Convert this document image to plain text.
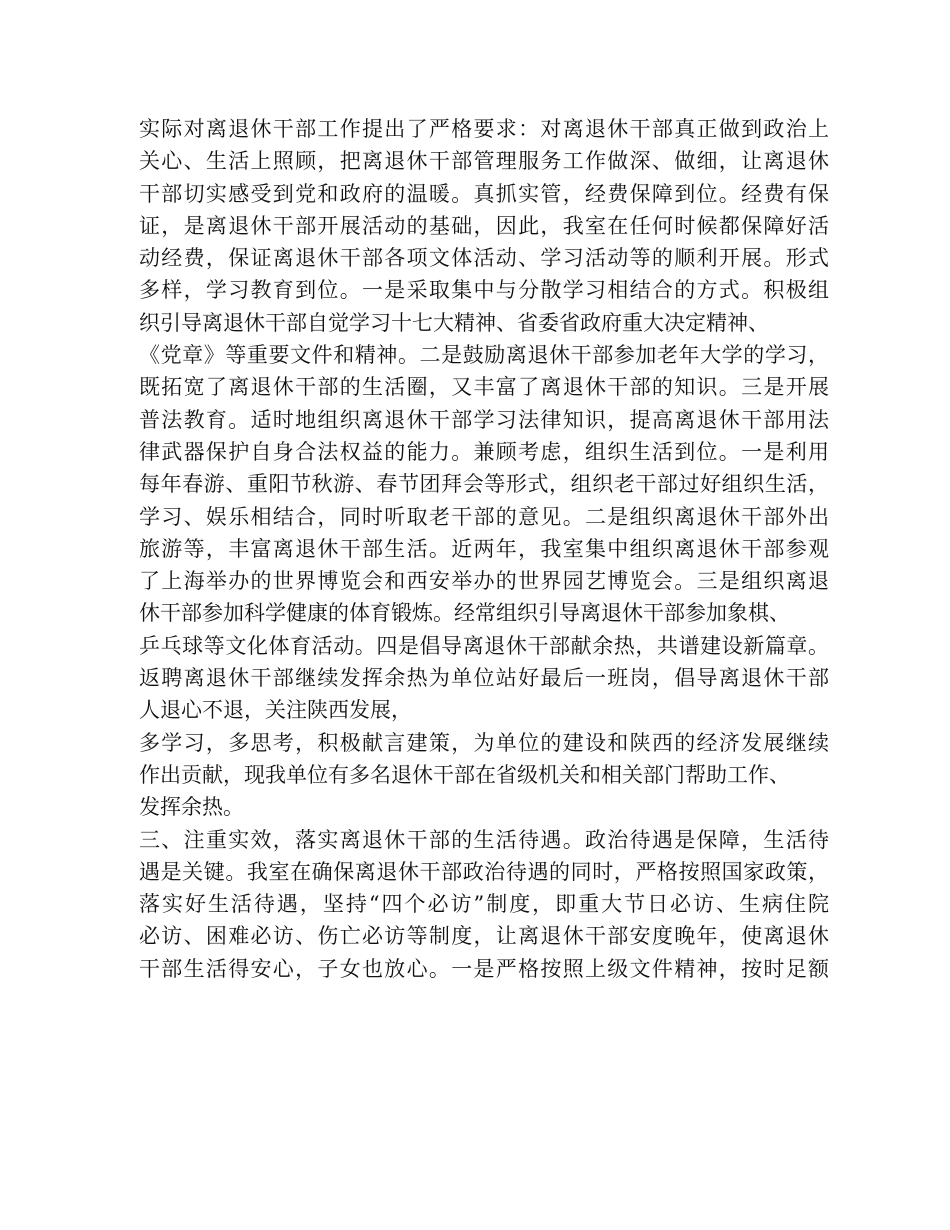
实际对离退休干部工作提出了严格要求：对离退休干部真正做到政治上
关心、生活上照顾，把离退休干部管理服务工作做深、做细，让离退休
干部切实感受到党和政府的温暖。真抓实管，经费保障到位。经费有保
证，是离退休干部开展活动的基础，因此，我室在任何时候都保障好活
动经费，保证离退休干部各项文体活动、学习活动等的顺利开展。形式
多样，学习教育到位。一是采取集中与分散学习相结合的方式。积极组
织引导离退休干部自觉学习十七大精神、省委省政府重大决定精神、
《党章》等重要文件和精神。二是鼓励离退休干部参加老年大学的学习，
既拓宽了离退休干部的生活圈，又丰富了离退休干部的知识。三是开展
普法教育。适时地组织离退休干部学习法律知识，提高离退休干部用法
律武器保护自身合法权益的能力。兼顾考虑，组织生活到位。一是利用
每年春游、重阳节秋游、春节团拜会等形式，组织老干部过好组织生活，
学习、娱乐相结合，同时听取老干部的意见。二是组织离退休干部外出
旅游等，丰富离退休干部生活。近两年，我室集中组织离退休干部参观
了上海举办的世界博览会和西安举办的世界园艺博览会。三是组织离退
休干部参加科学健康的体育锻炼。经常组织引导离退休干部参加象棋、
乒乓球等文化体育活动。四是倡导离退休干部献余热，共谱建设新篇章。
返聘离退休干部继续发挥余热为单位站好最后一班岗，倡导离退休干部
人退心不退，关注陕西发展，
多学习，多思考，积极献言建策，为单位的建设和陕西的经济发展继续
作出贡献，现我单位有多名退休干部在省级机关和相关部门帮助工作、
发挥余热。
三、注重实效，落实离退休干部的生活待遇。政治待遇是保障，生活待
遇是关键。我室在确保离退休干部政治待遇的同时，严格按照国家政策，
落实好生活待遇，坚持“四个必访”制度，即重大节日必访、生病住院
必访、困难必访、伤亡必访等制度，让离退休干部安度晚年，使离退休
干部生活得安心，子女也放心。一是严格按照上级文件精神，按时足额
